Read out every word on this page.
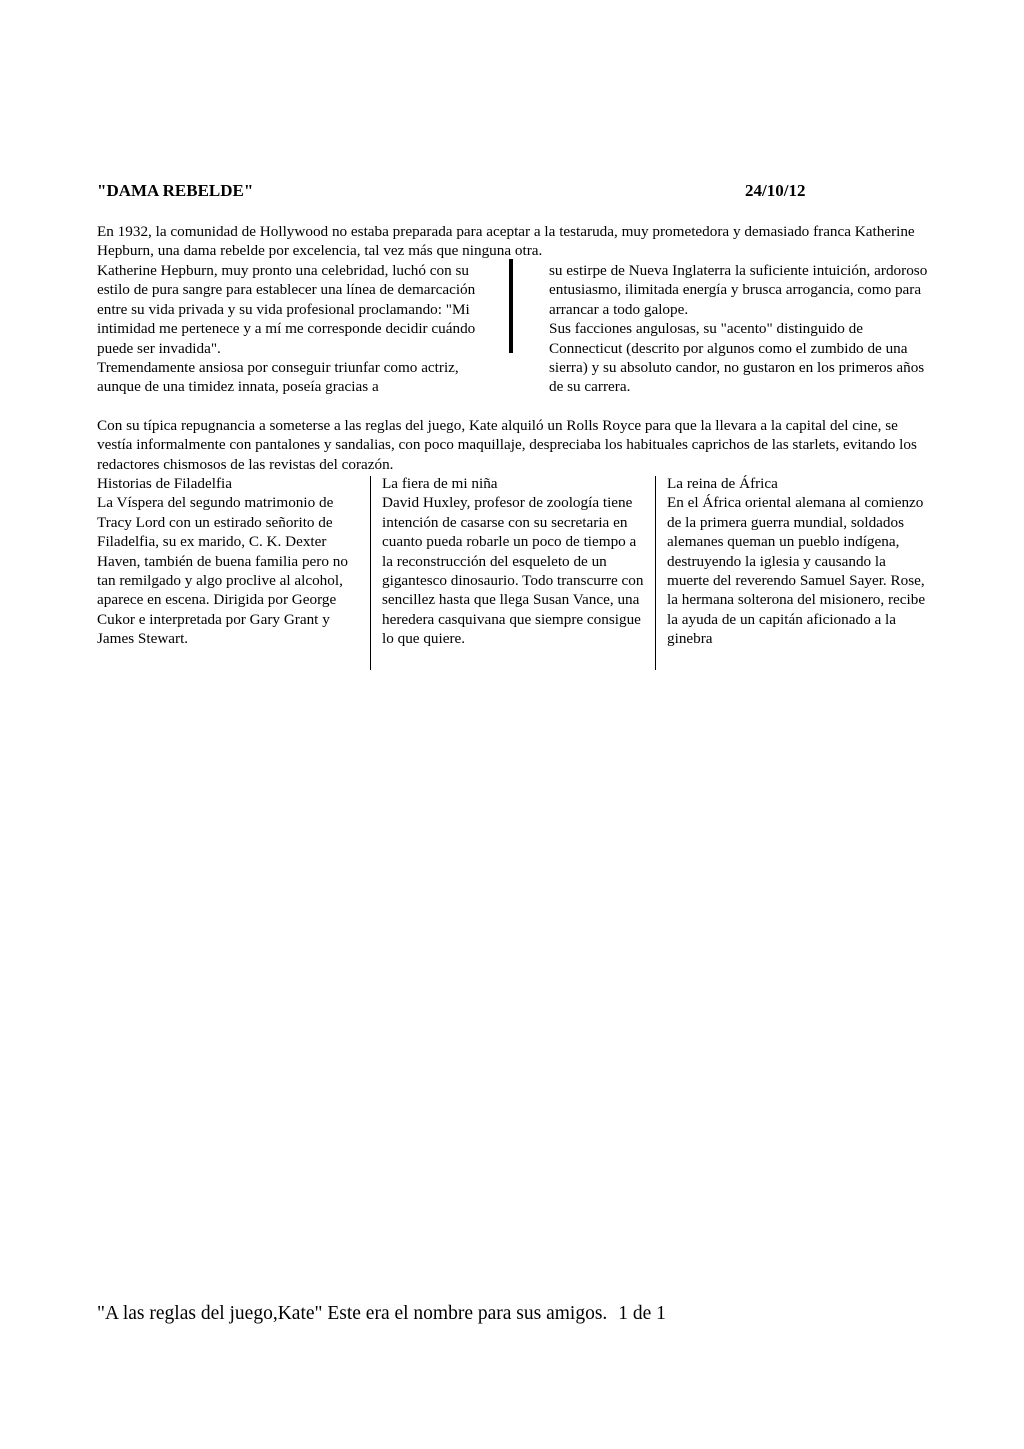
"DAMA REBELDE"	24/10/12

En 1932, la comunidad de Hollywood no estaba preparada para aceptar a la testaruda, muy prometedora y demasiado franca Katherine Hepburn, una dama rebelde por excelencia, tal vez más que ninguna otra.

Katherine Hepburn, muy pronto una celebridad, luchó con su estilo de pura sangre para establecer una línea de demarcación entre su vida privada y su vida profesional proclamando: "Mi intimidad me pertenece y a mí me corresponde decidir cuándo puede ser invadida".

Tremendamente ansiosa por conseguir triunfar como actriz, aunque de una timidez innata, poseía gracias a

su estirpe de Nueva Inglaterra la suficiente intuición, ardoroso entusiasmo, ilimitada energía y brusca arrogancia, como para arrancar a todo galope.

Sus facciones angulosas, su "acento" distinguido de Connecticut (descrito por algunos como el zumbido de una sierra) y su absoluto candor, no gustaron en los primeros años de su carrera.

Con su típica repugnancia a someterse a las reglas del juego, Kate alquiló un Rolls Royce para que la llevara a la capital del cine, se vestía informalmente con pantalones y sandalias, con poco maquillaje, despreciaba los habituales caprichos de las starlets, evitando los redactores chismosos de las revistas del corazón.

Historias de Filadelfia

La Víspera del segundo matrimonio de Tracy Lord con un estirado señorito de Filadelfia, su ex marido, C. K. Dexter Haven, también de buena familia pero no tan remilgado y algo proclive al alcohol, aparece en escena. Dirigida por George Cukor e interpretada por Gary Grant y James Stewart.

La fiera de mi niña

David Huxley, profesor de zoología tiene intención de casarse con su secretaria en cuanto pueda robarle un poco de tiempo a la reconstrucción del esqueleto de un gigantesco dinosaurio. Todo transcurre con sencillez hasta que llega Susan Vance, una heredera casquivana que siempre consigue lo que quiere.

La reina de África

En el África oriental alemana al comienzo de la primera guerra mundial, soldados alemanes queman un pueblo indígena, destruyendo la iglesia y causando la muerte del reverendo Samuel Sayer. Rose, la hermana solterona del misionero, recibe la ayuda de un capitán aficionado a la ginebra

"A las reglas del juego,Kate" Este era el nombre para sus amigos. 1 de 1
